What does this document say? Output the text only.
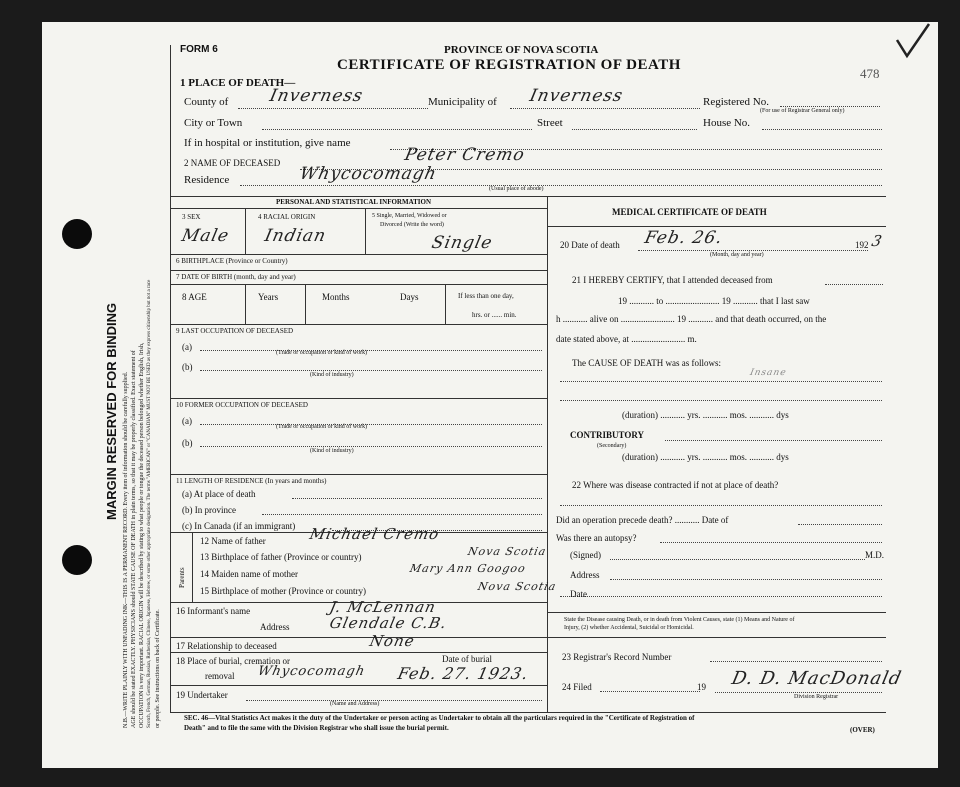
MARGIN RESERVED FOR BINDING N.B.—WRITE PLAINLY WITH UNFADING INK—THIS IS A PERMANENT RECORD. Every item of information should be carefully supplied. AGE should be stated EXACTLY. PHYSICIANS should STATE CAUSE OF DEATH in plain terms, so that it may be properly classified. Exact statement of OCCUPATION is very important. RACIAL ORIGIN will be described by stating to what people or tongue the deceased person belonged whether English, Irish, Scotch, French, German, Russian, Ruthenian, Chinese, Japanese, Hebrew, or some other appropriate designation. The terms "AMERICAN" or "CANADIAN" MUST NOT BE USED as they express citizenship but not a race or people. See instructions on back of Certificate.
FORM 6	PROVINCE OF NOVA SCOTIA
CERTIFICATE OF REGISTRATION OF DEATH
478
1 PLACE OF DEATH—
County of Inverness	Municipality of Inverness	Registered No.
(For use of Registrar General only)
City or Town	Street	House No.
If in hospital or institution, give name
2 NAME OF DECEASED	Peter Cremo
Residence	Whycocomagh
(Usual place of abode)
PERSONAL AND STATISTICAL INFORMATION
3 SEX
Male
4 RACIAL ORIGIN
Indian
5 Single, Married, Widowed or
Divorced (Write the word)
Single
6 BIRTHPLACE (Province or Country)
7 DATE OF BIRTH (month, day and year)
8 AGE	Years	Months	Days	If less than one day,
hrs. or ...... min.
9 LAST OCCUPATION OF DECEASED
(a)
(Trade or occupation or kind of work)
(b)
(Kind of industry)
10 FORMER OCCUPATION OF DECEASED
(a)
(Trade or occupation or kind of work)
(b)
(Kind of industry)
11 LENGTH OF RESIDENCE (In years and months)
(a) At place of death
(b) In province
(c) In Canada (if an immigrant)
Parents
12 Name of father	Michael Cremo
13 Birthplace of father (Province or country)	Nova Scotia
14 Maiden name of mother	Mary Ann Googoo
15 Birthplace of mother (Province or country)	Nova Scotia
16 Informant's name	J. McLennan
Address	Glendale C.B.
17 Relationship to deceased	None
18 Place of burial, cremation or
removal Whycocomagh
Date of burial
Feb. 27. 1923.
19 Undertaker
(Name and Address)
MEDICAL CERTIFICATE OF DEATH
20 Date of death Feb. 26.	192 3
(Month, day and year)
21 I HEREBY CERTIFY, that I attended deceased from
19 ........... to ........................ 19 ........... that I last saw
h ........... alive on ........................ 19 ........... and that death occurred, on the
date stated above, at ........................ m.
The CAUSE OF DEATH was as follows:
Insane
(duration) ........... yrs. ........... mos. ........... dys
CONTRIBUTORY
(Secondary)
(duration) ........... yrs. ........... mos. ........... dys
22 Where was disease contracted if not at place of death?
Did an operation precede death? ........... Date of
Was there an autopsy?
(Signed)	M.D.
Address
Date
State the Disease causing Death, or in death from Violent Causes, state (1) Means and Nature of
Injury, (2) whether Accidental, Suicidal or Homicidal.
23 Registrar's Record Number
24 Filed	19 D. D. MacDonald
Division Registrar
SEC. 46—Vital Statistics Act makes it the duty of the Undertaker or person acting as Undertaker to obtain all the particulars required in the "Certificate of Registration of
Death" and to file the same with the Division Registrar who shall issue the burial permit.	(OVER)
